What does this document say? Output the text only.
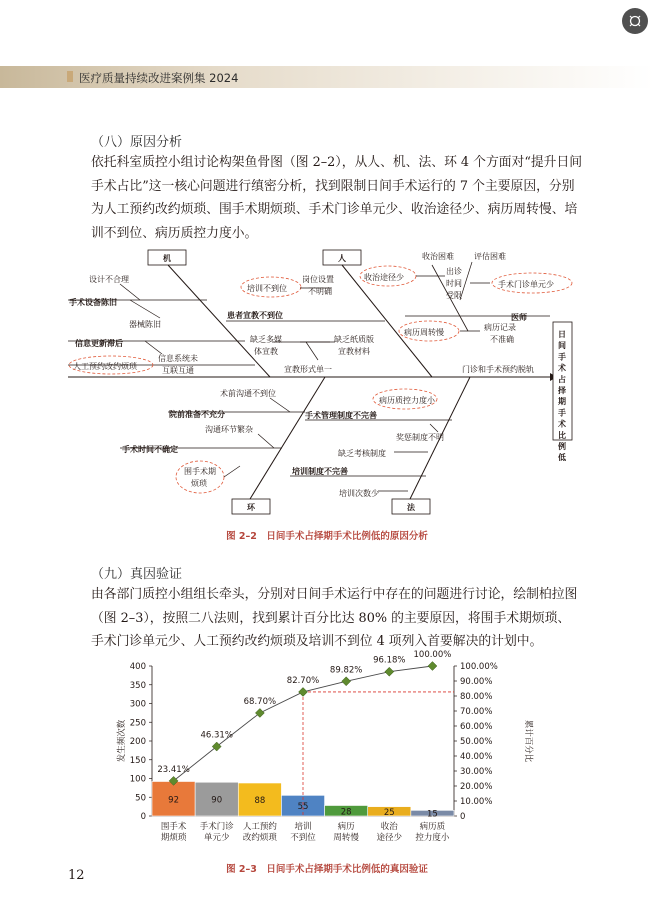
医疗质量持续改进案例集 2024
（八）原因分析
依托科室质控小组讨论构架鱼骨图（图 2–2），从人、机、法、环 4 个方面对“提升日间手术占比”这一核心问题进行缜密分析，找到限制日间手术运行的 7 个主要原因，分别为人工预约改约烦琐、围手术期烦琐、手术门诊单元少、收治途径少、病历周转慢、培训不到位、病历质控力度小。
日间手术占择期手术比例低
机	人
环	法
设计不合理
手术设备陈旧
器械陈旧
信息更新滞后
人工预约改约烦琐
信息系统未
互联互通
培训不到位
岗位设置
不明确
患者宣教不到位
缺乏多媒
体宣教
缺乏纸质版
宣教材料
宣教形式单一
收治途径少
收治困难	评估困难
出诊
时间
受限
手术门诊单元少
医师
病历周转慢
病历记录
不准确
门诊和手术预约脱轨
术前沟通不到位
院前准备不充分
沟通环节繁杂
手术时间不确定
围手术期
烦琐
病历质控力度小
手术管理制度不完善
奖惩制度不明
缺乏考核制度
培训制度不完善
培训次数少
图 2–2　日间手术占择期手术比例低的原因分析
（九）真因验证
由各部门质控小组组长牵头，分别对日间手术运行中存在的问题进行讨论，绘制柏拉图（图 2–3），按照二八法则，找到累计百分比达 80% 的主要原因，将围手术期烦琐、手术门诊单元少、人工预约改约烦琐及培训不到位 4 项列入首要解决的计划中。
0
50
100
150
200
250
300
350
400
0
10.00%
20.00%
30.00%
40.00%
50.00%
60.00%
70.00%
80.00%
90.00%
100.00%
发生频次数	累计百分比
92
围手术
期烦琐
90
手术门诊
单元少
88
人工预约
改约烦琐
55
培训
不到位
28
病历
周转慢
25
收治
途径少
15
病历质
控力度小
23.41%
46.31%
68.70%
82.70%
89.82%
96.18%
100.00%
图 2–3　日间手术占择期手术比例低的真因验证
12
